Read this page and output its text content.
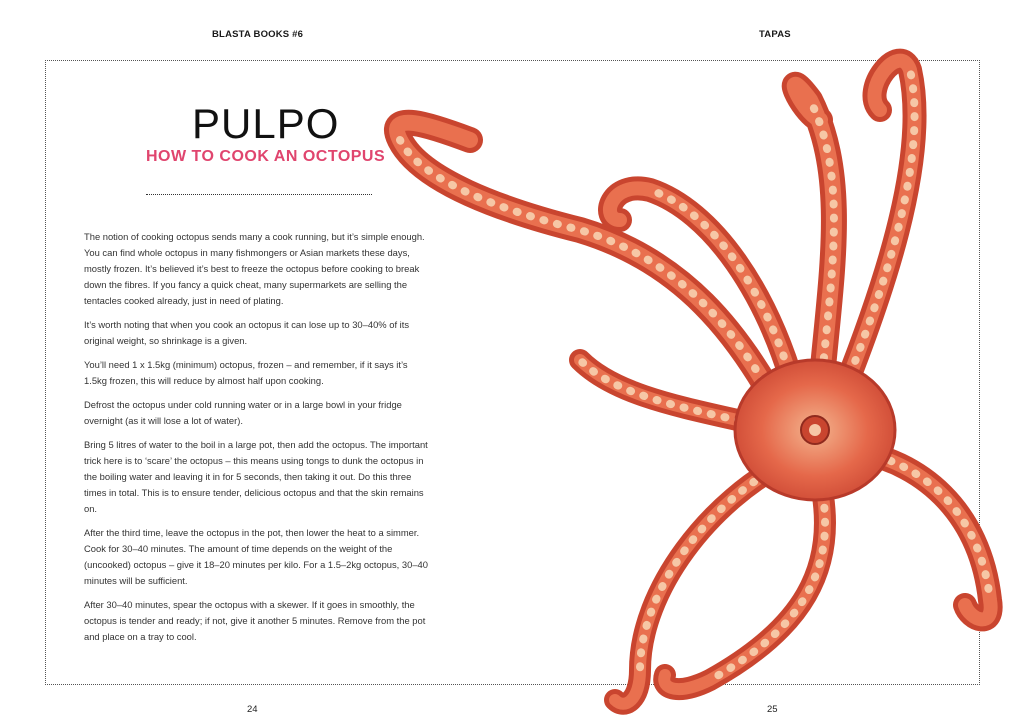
BLASTA BOOKS #6	TAPAS
PULPO
HOW TO COOK AN OCTOPUS

The notion of cooking octopus sends many a cook running, but it’s simple enough. You can find whole octopus in many fishmongers or Asian markets these days, mostly frozen. It’s believed it’s best to freeze the octopus before cooking to break down the fibres. If you fancy a quick cheat, many supermarkets are selling the tentacles cooked already, just in need of plating.

It’s worth noting that when you cook an octopus it can lose up to 30–40% of its original weight, so shrinkage is a given.

You’ll need 1 x 1.5kg (minimum) octopus, frozen – and remember, if it says it’s 1.5kg frozen, this will reduce by almost half upon cooking.

Defrost the octopus under cold running water or in a large bowl in your fridge overnight (as it will lose a lot of water).

Bring 5 litres of water to the boil in a large pot, then add the octopus. The important trick here is to ‘scare’ the octopus – this means using tongs to dunk the octopus in the boiling water and leaving it in for 5 seconds, then taking it out. Do this three times in total. This is to ensure tender, delicious octopus and that the skin remains on.

After the third time, leave the octopus in the pot, then lower the heat to a simmer. Cook for 30–40 minutes. The amount of time depends on the weight of the (uncooked) octopus – give it 18–20 minutes per kilo. For a 1.5–2kg octopus, 30–40 minutes will be sufficient.

After 30–40 minutes, spear the octopus with a skewer. If it goes in smoothly, the octopus is tender and ready; if not, give it another 5 minutes. Remove from the pot and place on a tray to cool.

24	25
